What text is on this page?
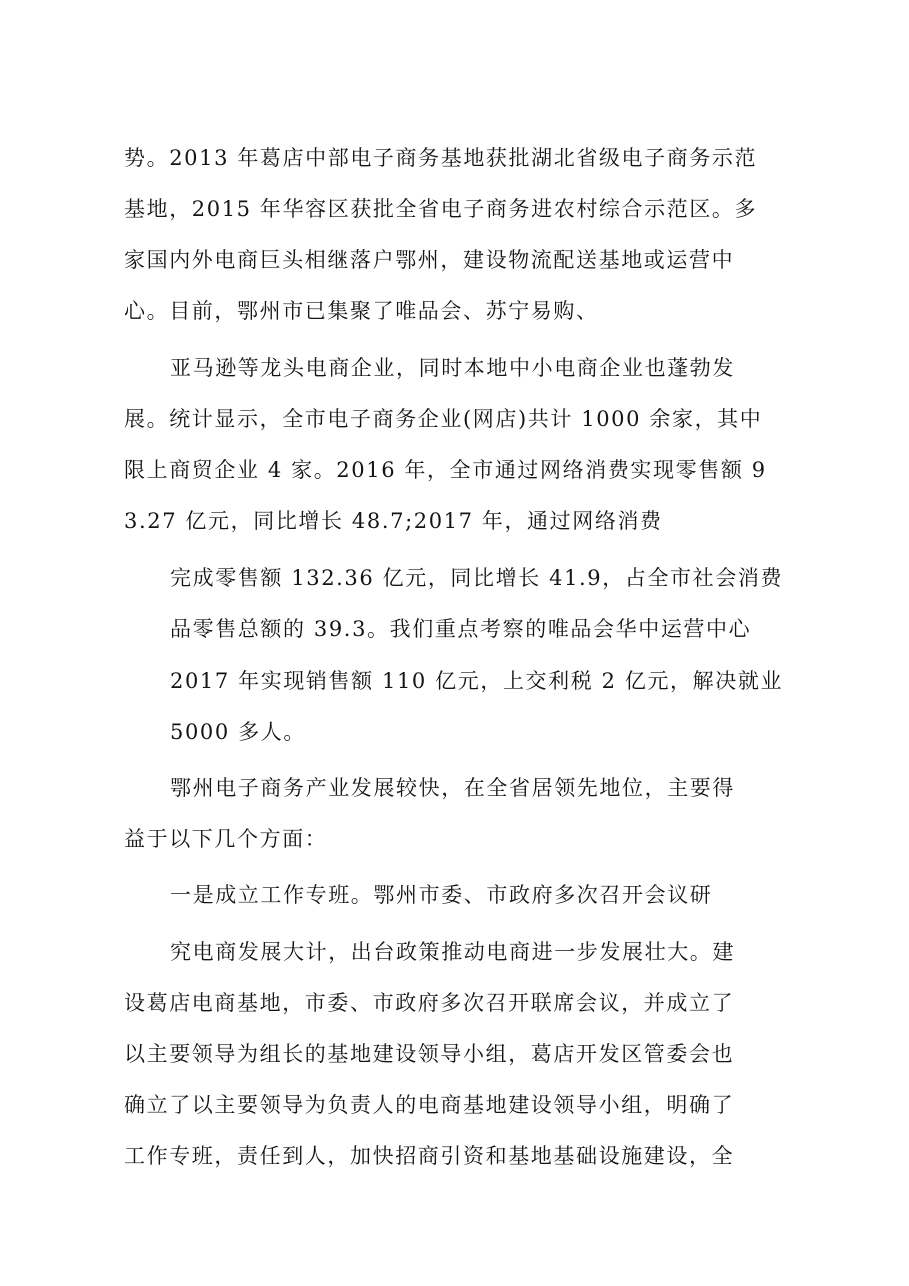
势。2013 年葛店中部电子商务基地获批湖北省级电子商务示范
基地，2015 年华容区获批全省电子商务进农村综合示范区。多
家国内外电商巨头相继落户鄂州，建设物流配送基地或运营中
心。目前，鄂州市已集聚了唯品会、苏宁易购、
亚马逊等龙头电商企业，同时本地中小电商企业也蓬勃发
展。统计显示，全市电子商务企业(网店)共计 1000 余家，其中
限上商贸企业 4 家。2016 年，全市通过网络消费实现零售额 9
3.27 亿元，同比增长 48.7;2017 年，通过网络消费
完成零售额 132.36 亿元，同比增长 41.9，占全市社会消费
品零售总额的 39.3。我们重点考察的唯品会华中运营中心
2017 年实现销售额 110 亿元，上交利税 2 亿元，解决就业
5000 多人。
鄂州电子商务产业发展较快，在全省居领先地位，主要得
益于以下几个方面：
一是成立工作专班。鄂州市委、市政府多次召开会议研
究电商发展大计，出台政策推动电商进一步发展壮大。建
设葛店电商基地，市委、市政府多次召开联席会议，并成立了
以主要领导为组长的基地建设领导小组，葛店开发区管委会也
确立了以主要领导为负责人的电商基地建设领导小组，明确了
工作专班，责任到人，加快招商引资和基地基础设施建设，全
